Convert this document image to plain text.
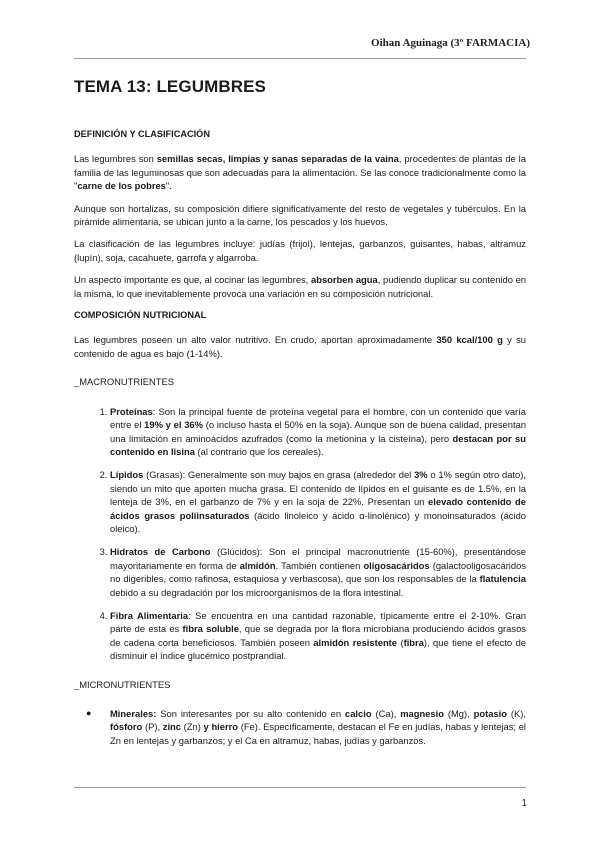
Oihan Aguinaga (3º FARMACIA)
TEMA 13: LEGUMBRES
DEFINICIÓN Y CLASIFICACIÓN

Las legumbres son semillas secas, limpias y sanas separadas de la vaina, procedentes de plantas de la familia de las leguminosas que son adecuadas para la alimentación. Se las conoce tradicionalmente como la "carne de los pobres".

Aunque son hortalizas, su composición difiere significativamente del resto de vegetales y tubérculos. En la pirámide alimentaria, se ubican junto a la carne, los pescados y los huevos.

La clasificación de las legumbres incluye: judías (frijol), lentejas, garbanzos, guisantes, habas, altramuz (lupín), soja, cacahuete, garrofa y algarroba.

Un aspecto importante es que, al cocinar las legumbres, absorben agua, pudiendo duplicar su contenido en la misma, lo que inevitablemente provoca una variación en su composición nutricional.

COMPOSICIÓN NUTRICIONAL

Las legumbres poseen un alto valor nutritivo. En crudo, aportan aproximadamente 350 kcal/100 g y su contenido de agua es bajo (1-14%).

_MACRONUTRIENTES

1. Proteínas: Son la principal fuente de proteína vegetal para el hombre, con un contenido que varía entre el 19% y el 36% (o incluso hasta el 50% en la soja). Aunque son de buena calidad, presentan una limitación en aminoácidos azufrados (como la metionina y la cisteína), pero destacan por su contenido en lisina (al contrario que los cereales).
2. Lípidos (Grasas): Generalmente son muy bajos en grasa (alrededor del 3% o 1% según otro dato), siendo un mito que aporten mucha grasa. El contenido de lípidos en el guisante es de 1.5%, en la lenteja de 3%, en el garbanzo de 7% y en la soja de 22%. Presentan un elevado contenido de ácidos grasos poliinsaturados (ácido linoleico y ácido α-linolénico) y monoinsaturados (ácido oleico).
3. Hidratos de Carbono (Glúcidos): Son el principal macronutriente (15-60%), presentándose mayoritariamente en forma de almidón. También contienen oligosacáridos (galactooligosacáridos no digeribles, como rafinosa, estaquiosa y verbascosa), que son los responsables de la flatulencia debido a su degradación por los microorganismos de la flora intestinal.
4. Fibra Alimentaria: Se encuentra en una cantidad razonable, típicamente entre el 2-10%. Gran parte de esta es fibra soluble, que se degrada por la flora microbiana produciendo ácidos grasos de cadena corta beneficiosos. También poseen almidón resistente (fibra), que tiene el efecto de disminuir el índice glucémico postprandial.

_MICRONUTRIENTES

● Minerales: Son interesantes por su alto contenido en calcio (Ca), magnesio (Mg), potasio (K), fósforo (P), zinc (Zn) y hierro (Fe). Específicamente, destacan el Fe en judías, habas y lentejas; el Zn en lentejas y garbanzos; y el Ca en altramuz, habas, judías y garbanzos.
1
